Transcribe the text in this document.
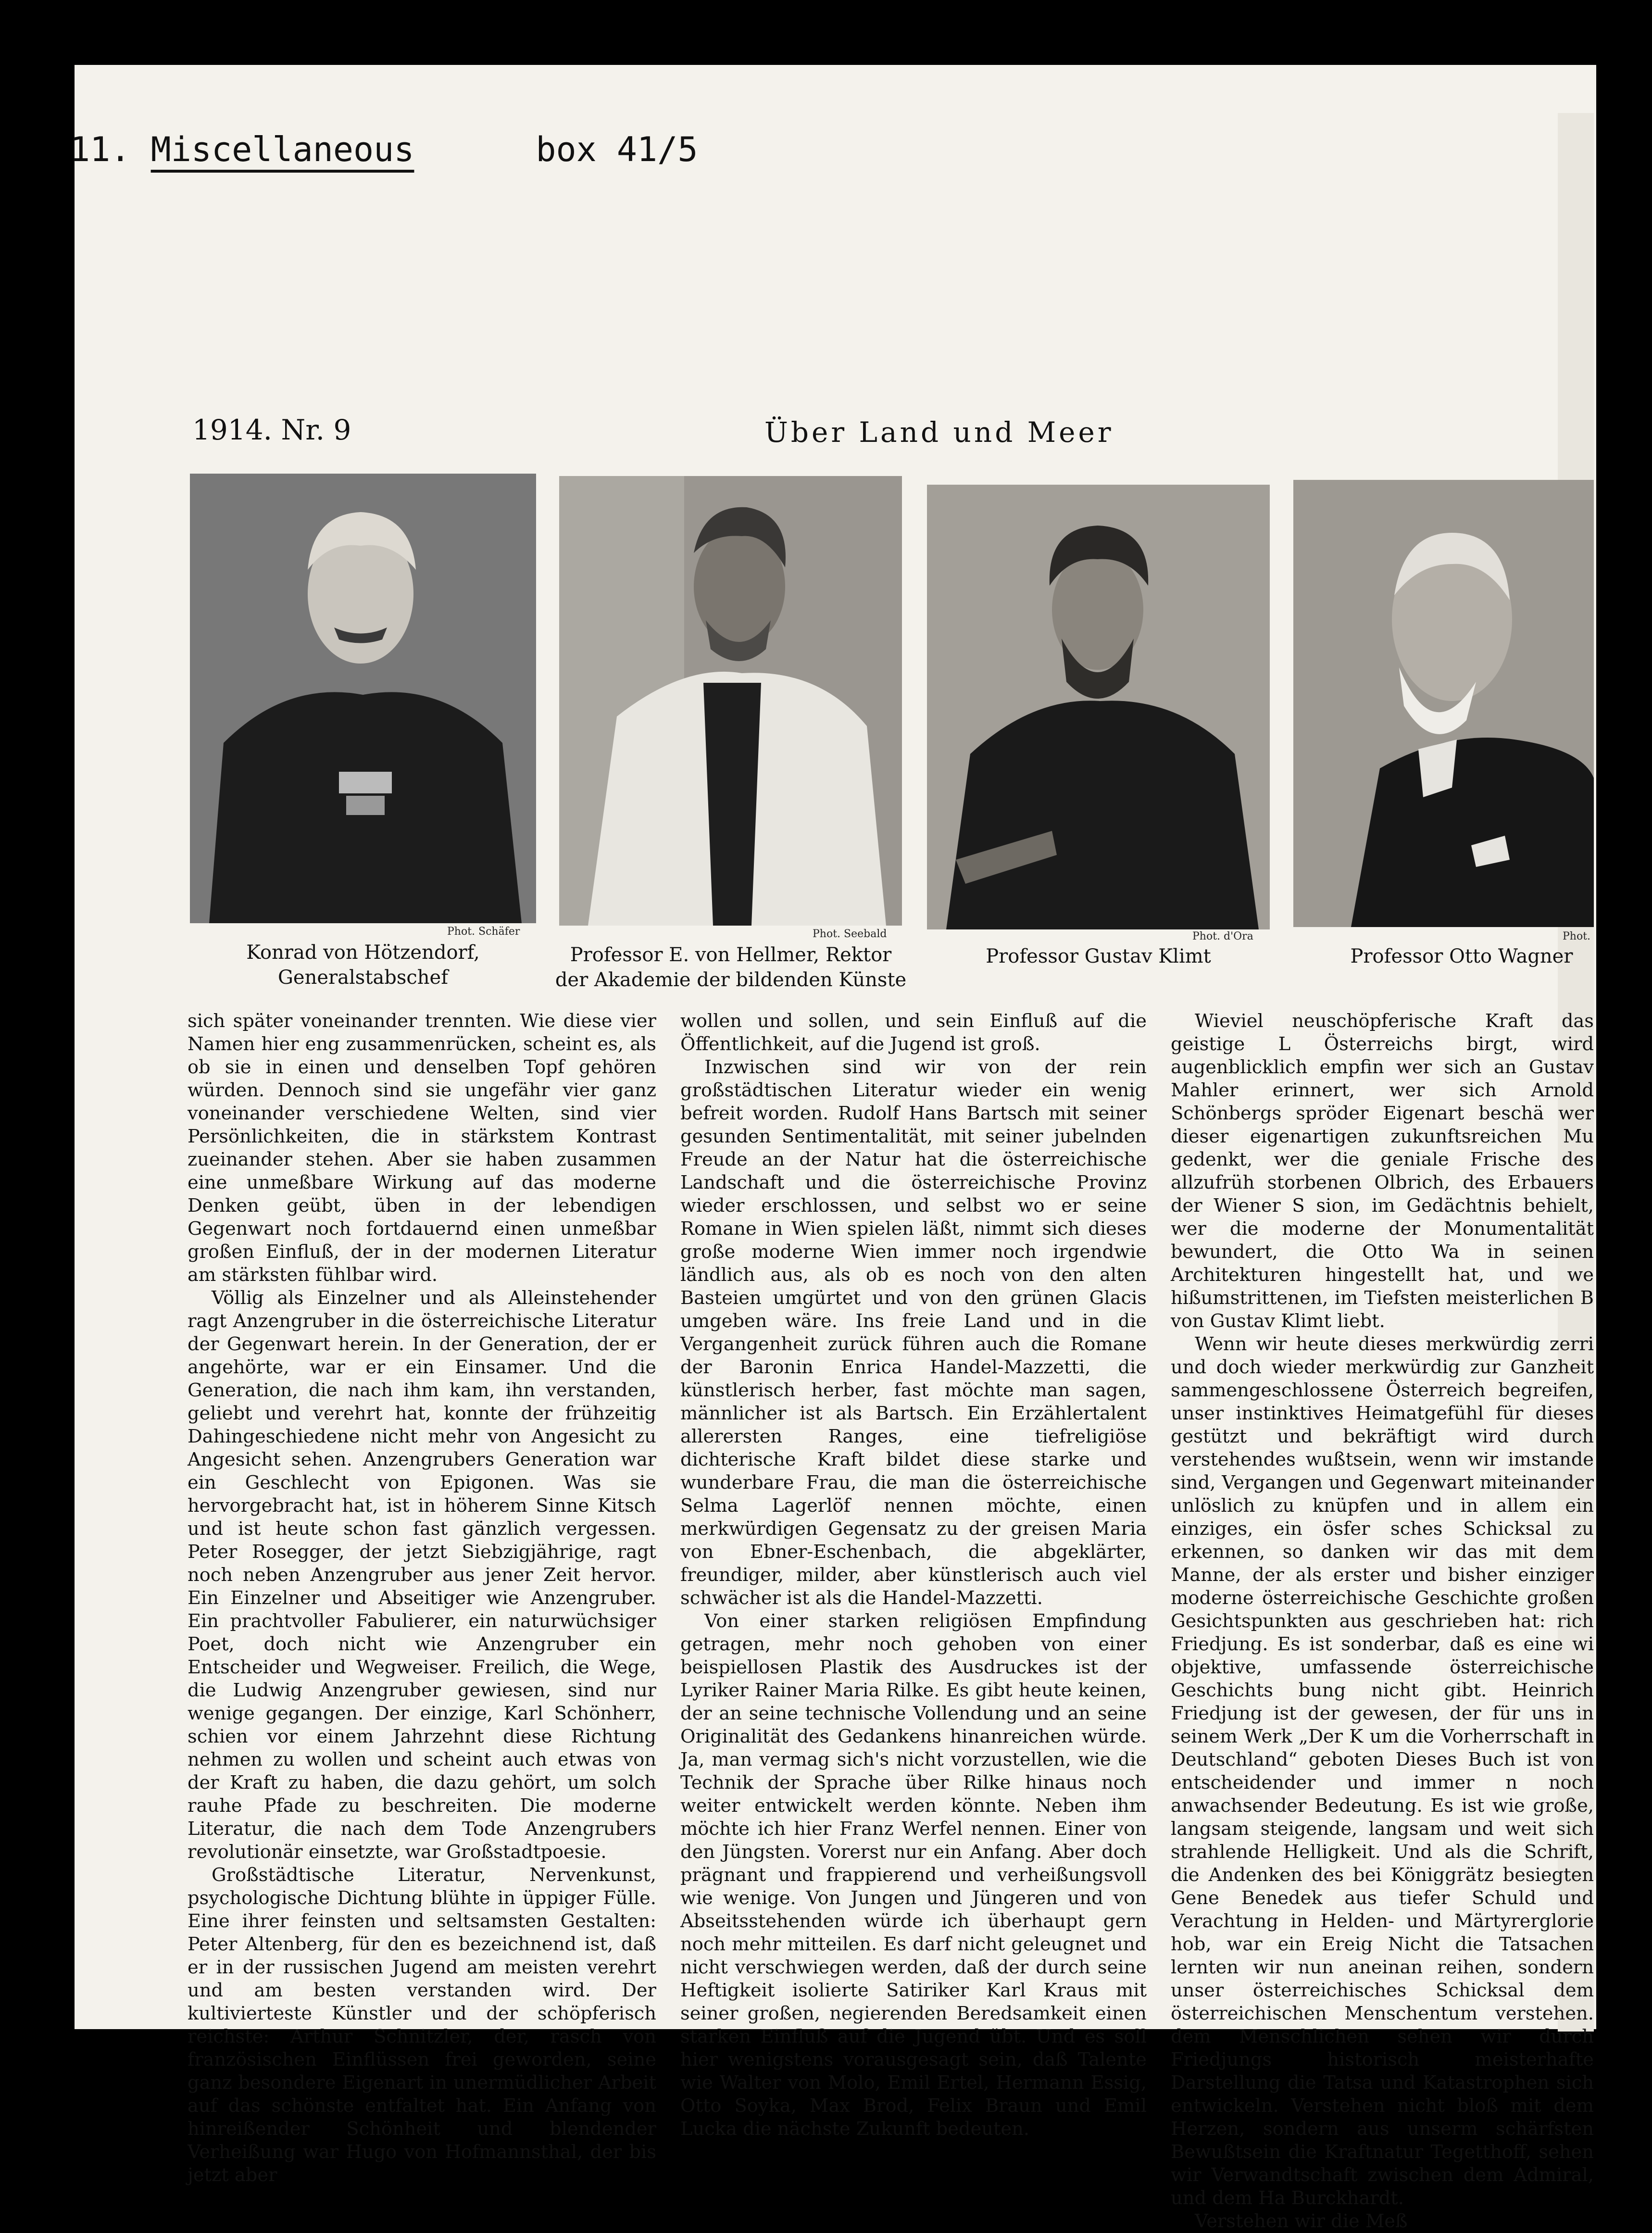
11. Miscellaneous	box 41/5
1914. Nr. 9	Über Land und Meer
Phot. Schäfer
Konrad von Hötzendorf,
Generalstabschef
Phot. Seebald
Professor E. von Hellmer, Rektor
der Akademie der bildenden Künste
Phot. d'Ora
Professor Gustav Klimt
Phot.
Professor Otto Wagner

sich später voneinander trennten. Wie diese vier Namen hier eng zusammenrücken, scheint es, als ob sie in einen und denselben Topf gehören würden. Dennoch sind sie ungefähr vier ganz voneinander verschiedene Welten, sind vier Persönlichkeiten, die in stärkstem Kontrast zueinander stehen. Aber sie haben zusammen eine unmeßbare Wirkung auf das moderne Denken geübt, üben in der lebendigen Gegenwart noch fortdauernd einen unmeßbar großen Einfluß, der in der modernen Literatur am stärksten fühlbar wird.

Völlig als Einzelner und als Alleinstehender ragt Anzengruber in die österreichische Literatur der Gegenwart herein. In der Generation, der er angehörte, war er ein Einsamer. Und die Generation, die nach ihm kam, ihn verstanden, geliebt und verehrt hat, konnte der frühzeitig Dahingeschiedene nicht mehr von Angesicht zu Angesicht sehen. Anzengrubers Generation war ein Geschlecht von Epigonen. Was sie hervorgebracht hat, ist in höherem Sinne Kitsch und ist heute schon fast gänzlich vergessen. Peter Rosegger, der jetzt Siebzigjährige, ragt noch neben Anzengruber aus jener Zeit hervor. Ein Einzelner und Abseitiger wie Anzengruber. Ein prachtvoller Fabulierer, ein naturwüchsiger Poet, doch nicht wie Anzengruber ein Entscheider und Wegweiser. Freilich, die Wege, die Ludwig Anzengruber gewiesen, sind nur wenige gegangen. Der einzige, Karl Schönherr, schien vor einem Jahrzehnt diese Richtung nehmen zu wollen und scheint auch etwas von der Kraft zu haben, die dazu gehört, um solch rauhe Pfade zu beschreiten. Die moderne Literatur, die nach dem Tode Anzengrubers revolutionär einsetzte, war Großstadtpoesie.

Großstädtische Literatur, Nervenkunst, psychologische Dichtung blühte in üppiger Fülle. Eine ihrer feinsten und seltsamsten Gestalten: Peter Altenberg, für den es bezeichnend ist, daß er in der russischen Jugend am meisten verehrt und am besten verstanden wird. Der kultivierteste Künstler und der schöpferisch reichste: Arthur Schnitzler, der, rasch von französischen Einflüssen frei geworden, seine ganz besondere Eigenart in unermüdlicher Arbeit auf das schönste entfaltet hat. Ein Anfang von hinreißender Schönheit und blendender Verheißung war Hugo von Hofmannsthal, der bis jetzt aber

wollen und sollen, und sein Einfluß auf die Öffentlichkeit, auf die Jugend ist groß.

Inzwischen sind wir von der rein großstädtischen Literatur wieder ein wenig befreit worden. Rudolf Hans Bartsch mit seiner gesunden Sentimentalität, mit seiner jubelnden Freude an der Natur hat die österreichische Landschaft und die österreichische Provinz wieder erschlossen, und selbst wo er seine Romane in Wien spielen läßt, nimmt sich dieses große moderne Wien immer noch irgendwie ländlich aus, als ob es noch von den alten Basteien umgürtet und von den grünen Glacis umgeben wäre. Ins freie Land und in die Vergangenheit zurück führen auch die Romane der Baronin Enrica Handel-Mazzetti, die künstlerisch herber, fast möchte man sagen, männlicher ist als Bartsch. Ein Erzählertalent allerersten Ranges, eine tiefreligiöse dichterische Kraft bildet diese starke und wunderbare Frau, die man die österreichische Selma Lagerlöf nennen möchte, einen merkwürdigen Gegensatz zu der greisen Maria von Ebner-Eschenbach, die abgeklärter, freundiger, milder, aber künstlerisch auch viel schwächer ist als die Handel-Mazzetti.

Von einer starken religiösen Empfindung getragen, mehr noch gehoben von einer beispiellosen Plastik des Ausdruckes ist der Lyriker Rainer Maria Rilke. Es gibt heute keinen, der an seine technische Vollendung und an seine Originalität des Gedankens hinanreichen würde. Ja, man vermag sich's nicht vorzustellen, wie die Technik der Sprache über Rilke hinaus noch weiter entwickelt werden könnte. Neben ihm möchte ich hier Franz Werfel nennen. Einer von den Jüngsten. Vorerst nur ein Anfang. Aber doch prägnant und frappierend und verheißungsvoll wie wenige. Von Jungen und Jüngeren und von Abseitsstehenden würde ich überhaupt gern noch mehr mitteilen. Es darf nicht geleugnet und nicht verschwiegen werden, daß der durch seine Heftigkeit isolierte Satiriker Karl Kraus mit seiner großen, negierenden Beredsamkeit einen starken Einfluß auf die Jugend übt. Und es soll hier wenigstens vorausgesagt sein, daß Talente wie Walter von Molo, Emil Ertel, Hermann Essig, Otto Soyka, Max Brod, Felix Braun und Emil Lucka die nächste Zukunft bedeuten.

Wieviel neuschöpferische Kraft das geistige L Österreichs birgt, wird augenblicklich empfin wer sich an Gustav Mahler erinnert, wer sich Arnold Schönbergs spröder Eigenart beschä wer dieser eigenartigen zukunftsreichen Mu gedenkt, wer die geniale Frische des allzufrüh storbenen Olbrich, des Erbauers der Wiener S sion, im Gedächtnis behielt, wer die moderne der Monumentalität bewundert, die Otto Wa in seinen Architekturen hingestellt hat, und we hißumstrittenen, im Tiefsten meisterlichen B von Gustav Klimt liebt.

Wenn wir heute dieses merkwürdig zerri und doch wieder merkwürdig zur Ganzheit sammengeschlossene Österreich begreifen, unser instinktives Heimatgefühl für dieses gestützt und bekräftigt wird durch verstehendes wußtsein, wenn wir imstande sind, Vergangen und Gegenwart miteinander unlöslich zu knüpfen und in allem ein einziges, ein ösfer sches Schicksal zu erkennen, so danken wir das mit dem Manne, der als erster und bisher einziger moderne österreichische Geschichte großen Gesichtspunkten aus geschrieben hat: rich Friedjung. Es ist sonderbar, daß es eine wi objektive, umfassende österreichische Geschichts bung nicht gibt. Heinrich Friedjung ist der gewesen, der für uns in seinem Werk „Der K um die Vorherrschaft in Deutschland“ geboten Dieses Buch ist von entscheidender und immer n noch anwachsender Bedeutung. Es ist wie große, langsam steigende, langsam und weit sich strahlende Helligkeit. Und als die Schrift, die Andenken des bei Königgrätz besiegten Gene Benedek aus tiefer Schuld und Verachtung in Helden- und Märtyrerglorie hob, war ein Ereig Nicht die Tatsachen lernten wir nun aneinan reihen, sondern unser österreichisches Schicksal dem österreichischen Menschentum verstehen. dem Menschlichen sehen wir durch Friedjungs historisch meisterhafte Darstellung die Tatsa und Katastrophen sich entwickeln. Verstehen nicht bloß mit dem Herzen, sondern aus unserm schärfsten Bewußtsein die Kraftnatur Tegetthoff, sehen wir Verwandtschaft zwischen dem Admiral, und dem Ha Burckhardt.

Verstehen wir die Meß
